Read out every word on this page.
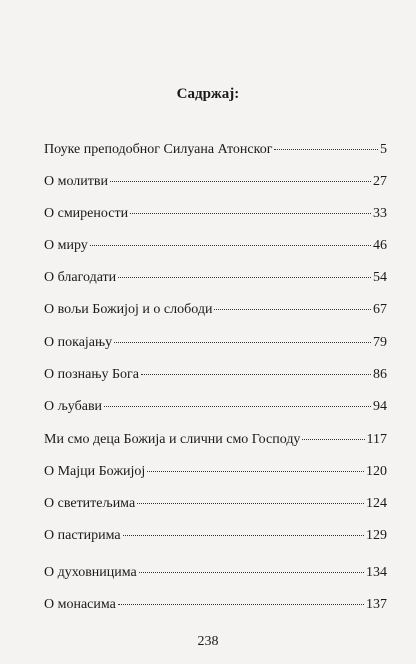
Садржај:
Поуке преподобног Силуана Атонског	5
О молитви	27
О смирености	33
О миру	46
О благодати	54
О вољи Божијој и о слободи	67
О покајању	79
О познању Бога	86
О љубави	94
Ми смо деца Божија и слични смо Господу	117
О Мајци Божијој	120
О светитељима	124
О пастирима	129
О духовницима	134
О монасима	137
238
